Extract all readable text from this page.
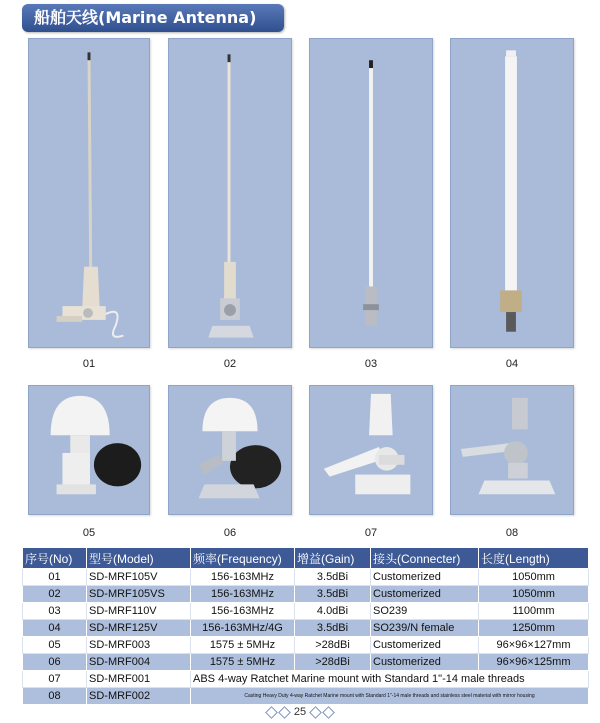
船舶天线(Marine Antenna)
01	02	03	04
05	06	07	08
序号(No)	型号(Model)	频率(Frequency)	增益(Gain)	接头(Connecter)	长度(Length)
01	SD-MRF105V	156-163MHz	3.5dBi	Customerized	1050mm
02	SD-MRF105VS	156-163MHz	3.5dBi	Customerized	1050mm
03	SD-MRF110V	156-163MHz	4.0dBi	SO239	1100mm
04	SD-MRF125V	156-163MHz/4G	3.5dBi	SO239/N female	1250mm
05	SD-MRF003	1575 ± 5MHz	>28dBi	Customerized	96×96×127mm
06	SD-MRF004	1575 ± 5MHz	>28dBi	Customerized	96×96×125mm
07	SD-MRF001	ABS 4-way Ratchet Marine mount with Standard 1"-14 male threads			
08	SD-MRF002	Casting Heavy Duty 4-way Ratchet Marine mount with Standard 1"-14 male threads and stainless steel material with mirror housing			
25
